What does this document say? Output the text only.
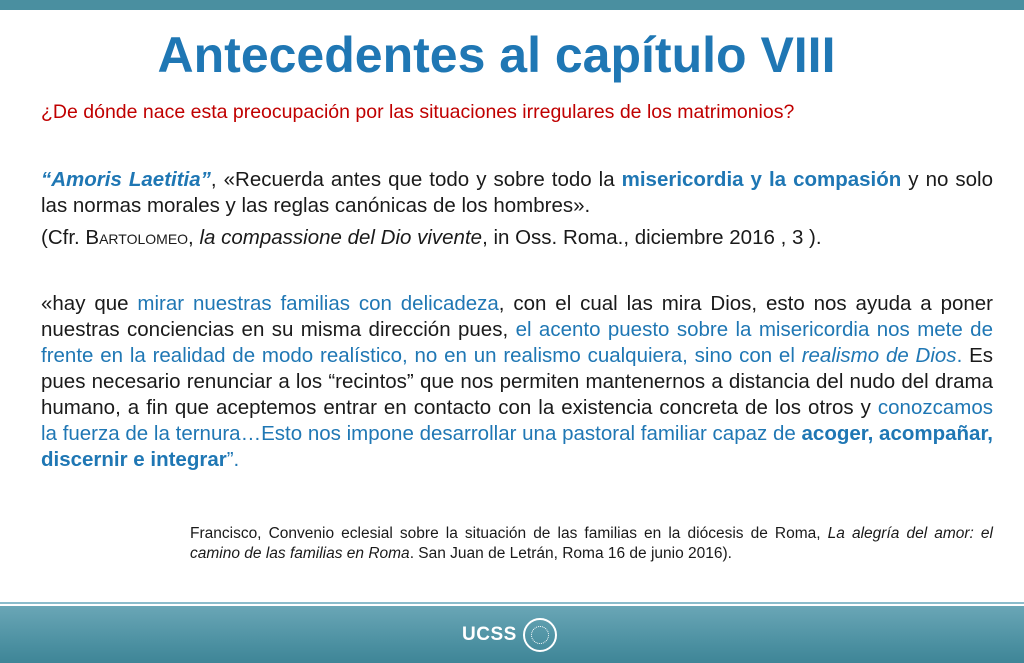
Antecedentes al capítulo VIII
¿De dónde nace esta preocupación por las situaciones irregulares de los matrimonios?
“Amoris Laetitia”, «Recuerda antes que todo y sobre todo la misericordia y la compasión y no solo las normas morales y las reglas canónicas de los hombres».
(Cfr. Bartolomeo, la compassione del Dio vivente, in Oss. Roma., diciembre 2016 , 3 ).
«hay que mirar nuestras familias con delicadeza, con el cual las mira Dios, esto nos ayuda a poner nuestras conciencias en su misma dirección pues, el acento puesto sobre la misericordia nos mete de frente en la realidad de modo realístico, no en un realismo cualquiera, sino con el realismo de Dios. Es pues necesario renunciar a los “recintos” que nos permiten mantenernos a distancia del nudo del drama humano, a fin que aceptemos entrar en contacto con la existencia concreta de los otros y conozcamos la fuerza de la ternura…Esto nos impone desarrollar una pastoral familiar capaz de acoger, acompañar, discernir e integrar”.
Francisco, Convenio eclesial sobre la situación de las familias en la diócesis de Roma, La alegría del amor: el camino de las familias en Roma. San Juan de Letrán, Roma 16 de junio 2016).
UCSS
